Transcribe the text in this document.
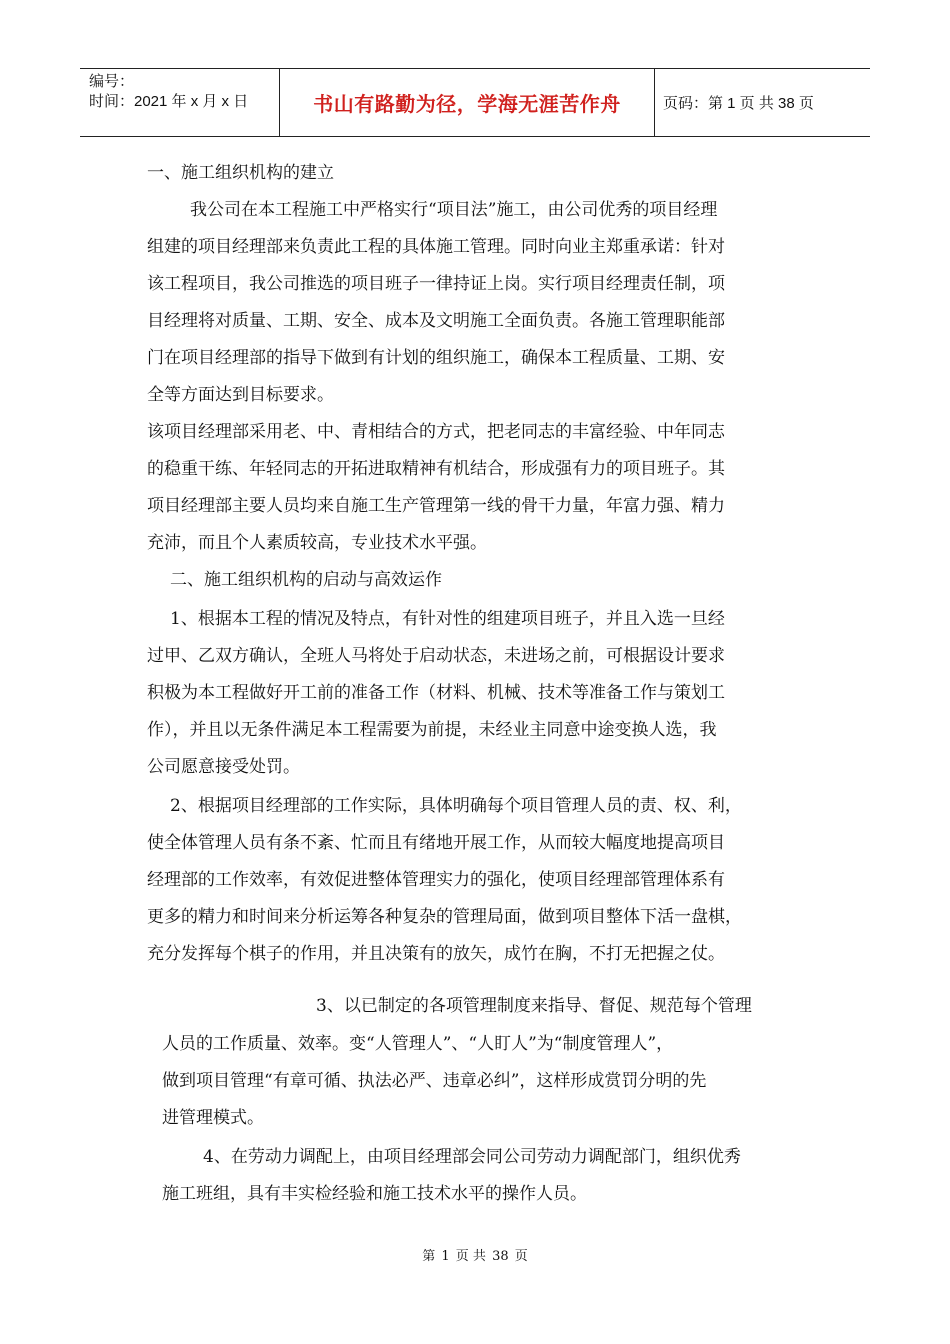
编号：
时间：2021 年 x 月 x 日	书山有路勤为径，学海无涯苦作舟	页码：第 1 页 共 38 页

一、施工组织机构的建立

我公司在本工程施工中严格实行“项目法”施工，由公司优秀的项目经理

组建的项目经理部来负责此工程的具体施工管理。同时向业主郑重承诺：针对

该工程项目，我公司推选的项目班子一律持证上岗。实行项目经理责任制，项

目经理将对质量、工期、安全、成本及文明施工全面负责。各施工管理职能部

门在项目经理部的指导下做到有计划的组织施工，确保本工程质量、工期、安

全等方面达到目标要求。

该项目经理部采用老、中、青相结合的方式，把老同志的丰富经验、中年同志

的稳重干练、年轻同志的开拓进取精神有机结合，形成强有力的项目班子。其

项目经理部主要人员均来自施工生产管理第一线的骨干力量，年富力强、精力

充沛，而且个人素质较高，专业技术水平强。

二、施工组织机构的启动与高效运作

1、根据本工程的情况及特点，有针对性的组建项目班子，并且入选一旦经

过甲、乙双方确认，全班人马将处于启动状态，未进场之前，可根据设计要求

积极为本工程做好开工前的准备工作（材料、机械、技术等准备工作与策划工

作），并且以无条件满足本工程需要为前提，未经业主同意中途变换人选，我

公司愿意接受处罚。

2、根据项目经理部的工作实际，具体明确每个项目管理人员的责、权、利，

使全体管理人员有条不紊、忙而且有绪地开展工作，从而较大幅度地提高项目

经理部的工作效率，有效促进整体管理实力的强化，使项目经理部管理体系有

更多的精力和时间来分析运筹各种复杂的管理局面，做到项目整体下活一盘棋，

充分发挥每个棋子的作用，并且决策有的放矢，成竹在胸，不打无把握之仗。

3、以已制定的各项管理制度来指导、督促、规范每个管理

人员的工作质量、效率。变“人管理人”、“人盯人”为“制度管理人”，

做到项目管理“有章可循、执法必严、违章必纠”，这样形成赏罚分明的先

进管理模式。

4、在劳动力调配上，由项目经理部会同公司劳动力调配部门，组织优秀

施工班组，具有丰实检经验和施工技术水平的操作人员。

第 1 页 共 38 页
